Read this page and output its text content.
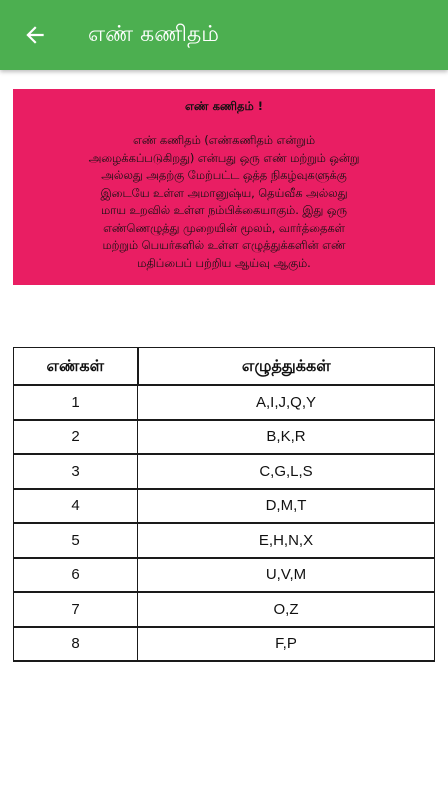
எண் கணிதம்

எண் கணிதம் !

எண் கணிதம் (எண்கணிதம் என்றும்
அழைக்கப்படுகிறது) என்பது ஒரு எண் மற்றும் ஒன்று
அல்லது அதற்கு மேற்பட்ட ஒத்த நிகழ்வுகளுக்கு
இடையே உள்ள அமானுஷ்ய, தெய்வீக அல்லது
மாய உறவில் உள்ள நம்பிக்கையாகும். இது ஒரு
எண்ணெழுத்து முறையின் மூலம், வார்த்தைகள்
மற்றும் பெயர்களில் உள்ள எழுத்துக்களின் எண்
மதிப்பைப் பற்றிய ஆய்வு ஆகும்.

எண்கள்	எழுத்துக்கள்
1	A,I,J,Q,Y
2	B,K,R
3	C,G,L,S
4	D,M,T
5	E,H,N,X
6	U,V,M
7	O,Z
8	F,P
